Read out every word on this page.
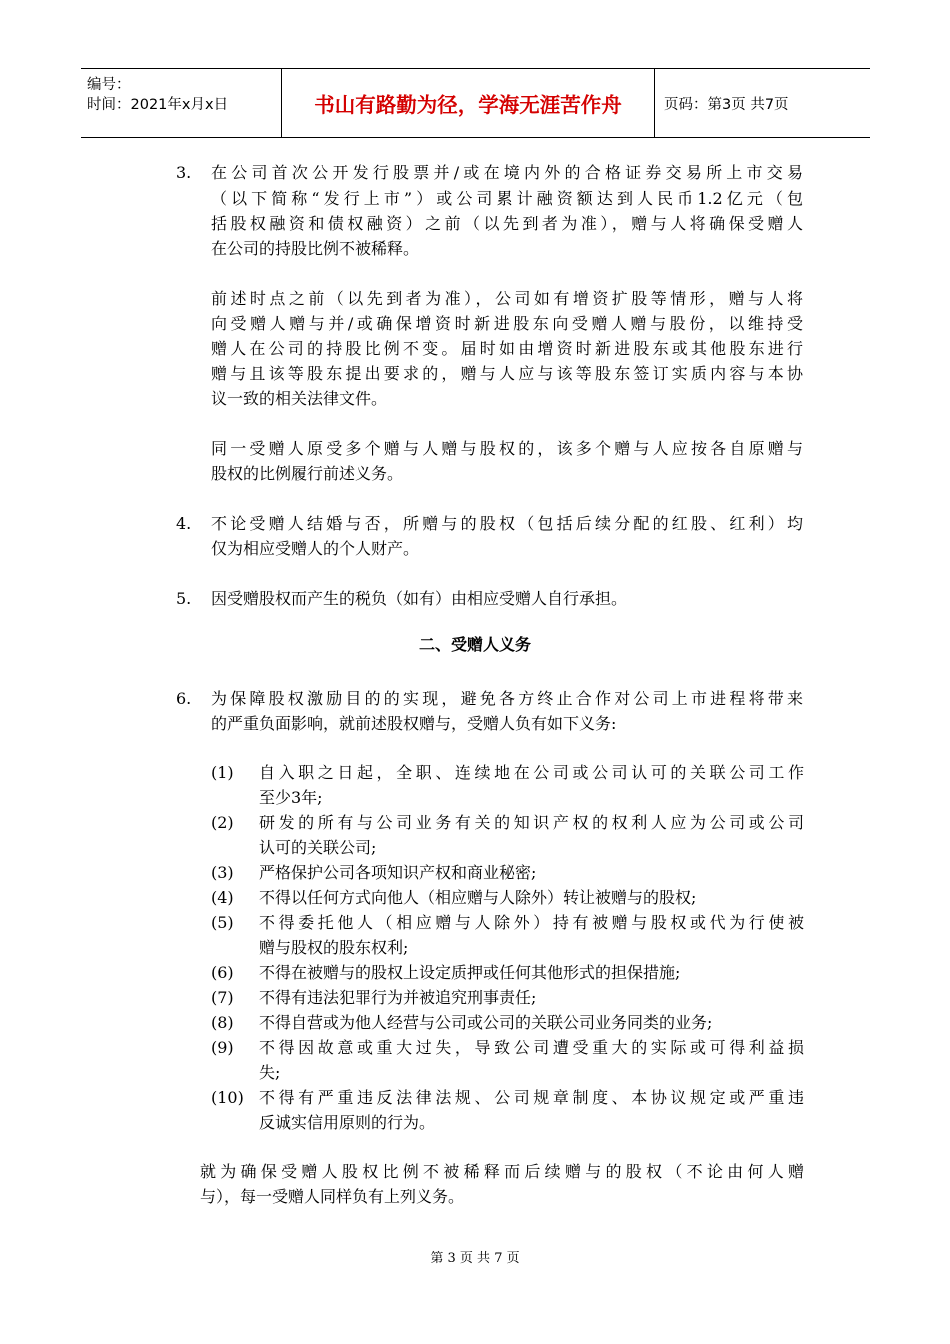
编号：
时间：2021年x月x日	书山有路勤为径，学海无涯苦作舟	页码：第3页 共7页
3. 在公司首次公开发行股票并/或在境内外的合格证券交易所上市交易
（以下简称“发行上市”）或公司累计融资额达到人民币1.2亿元（包
括股权融资和债权融资）之前（以先到者为准），赠与人将确保受赠人
在公司的持股比例不被稀释。
前述时点之前（以先到者为准），公司如有增资扩股等情形，赠与人将
向受赠人赠与并/或确保增资时新进股东向受赠人赠与股份，以维持受
赠人在公司的持股比例不变。届时如由增资时新进股东或其他股东进行
赠与且该等股东提出要求的，赠与人应与该等股东签订实质内容与本协
议一致的相关法律文件。
同一受赠人原受多个赠与人赠与股权的，该多个赠与人应按各自原赠与
股权的比例履行前述义务。
4. 不论受赠人结婚与否，所赠与的股权（包括后续分配的红股、红利）均
仅为相应受赠人的个人财产。
5. 因受赠股权而产生的税负（如有）由相应受赠人自行承担。
二、受赠人义务
6. 为保障股权激励目的的实现，避免各方终止合作对公司上市进程将带来
的严重负面影响，就前述股权赠与，受赠人负有如下义务:
(1) 自入职之日起，全职、连续地在公司或公司认可的关联公司工作
至少3年;
(2) 研发的所有与公司业务有关的知识产权的权利人应为公司或公司
认可的关联公司;
(3) 严格保护公司各项知识产权和商业秘密;
(4) 不得以任何方式向他人（相应赠与人除外）转让被赠与的股权;
(5) 不得委托他人（相应赠与人除外）持有被赠与股权或代为行使被
赠与股权的股东权利;
(6) 不得在被赠与的股权上设定质押或任何其他形式的担保措施;
(7) 不得有违法犯罪行为并被追究刑事责任;
(8) 不得自营或为他人经营与公司或公司的关联公司业务同类的业务;
(9) 不得因故意或重大过失，导致公司遭受重大的实际或可得利益损
失;
(10) 不得有严重违反法律法规、公司规章制度、本协议规定或严重违
反诚实信用原则的行为。
就为确保受赠人股权比例不被稀释而后续赠与的股权（不论由何人赠
与），每一受赠人同样负有上列义务。
第 3 页 共 7 页
